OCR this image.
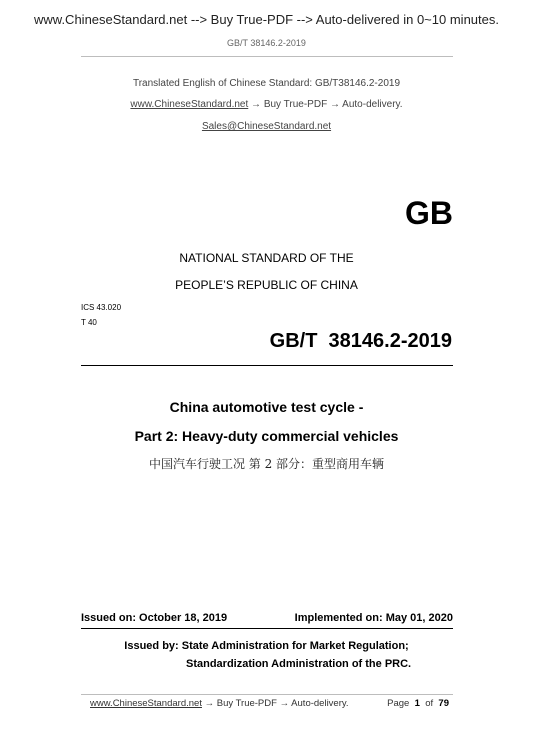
www.ChineseStandard.net --> Buy True-PDF --> Auto-delivered in 0~10 minutes.
GB/T 38146.2-2019
Translated English of Chinese Standard: GB/T38146.2-2019
www.ChineseStandard.net → Buy True-PDF → Auto-delivery.
Sales@ChineseStandard.net
GB
NATIONAL STANDARD OF THE
PEOPLE’S REPUBLIC OF CHINA
ICS 43.020
T 40
GB/T  38146.2-2019
China automotive test cycle -
Part 2: Heavy-duty commercial vehicles
中国汽车行驶工况 第 2 部分：重型商用车辆
Issued on: October 18, 2019	Implemented on: May 01, 2020
Issued by: State Administration for Market Regulation;
Standardization Administration of the PRC.
www.ChineseStandard.net → Buy True-PDF → Auto-delivery.	Page 1 of 79
